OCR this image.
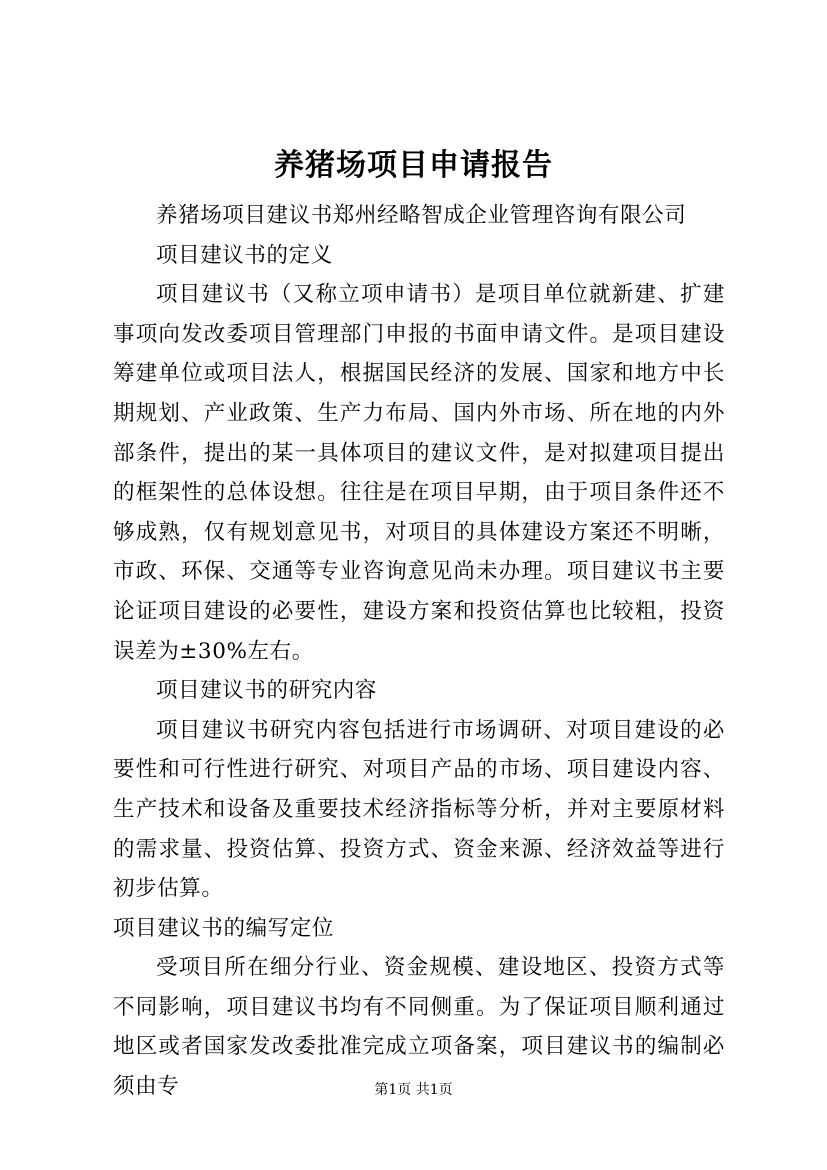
养猪场项目申请报告

养猪场项目建议书郑州经略智成企业管理咨询有限公司

项目建议书的定义

项目建议书（又称立项申请书）是项目单位就新建、扩建事项向发改委项目管理部门申报的书面申请文件。是项目建设筹建单位或项目法人，根据国民经济的发展、国家和地方中长期规划、产业政策、生产力布局、国内外市场、所在地的内外部条件，提出的某一具体项目的建议文件，是对拟建项目提出的框架性的总体设想。往往是在项目早期，由于项目条件还不够成熟，仅有规划意见书，对项目的具体建设方案还不明晰，市政、环保、交通等专业咨询意见尚未办理。项目建议书主要论证项目建设的必要性，建设方案和投资估算也比较粗，投资误差为±30%左右。

项目建议书的研究内容

项目建议书研究内容包括进行市场调研、对项目建设的必要性和可行性进行研究、对项目产品的市场、项目建设内容、生产技术和设备及重要技术经济指标等分析，并对主要原材料的需求量、投资估算、投资方式、资金来源、经济效益等进行初步估算。

项目建议书的编写定位

受项目所在细分行业、资金规模、建设地区、投资方式等不同影响，项目建议书均有不同侧重。为了保证项目顺利通过地区或者国家发改委批准完成立项备案，项目建议书的编制必须由专	第1页 共1页
